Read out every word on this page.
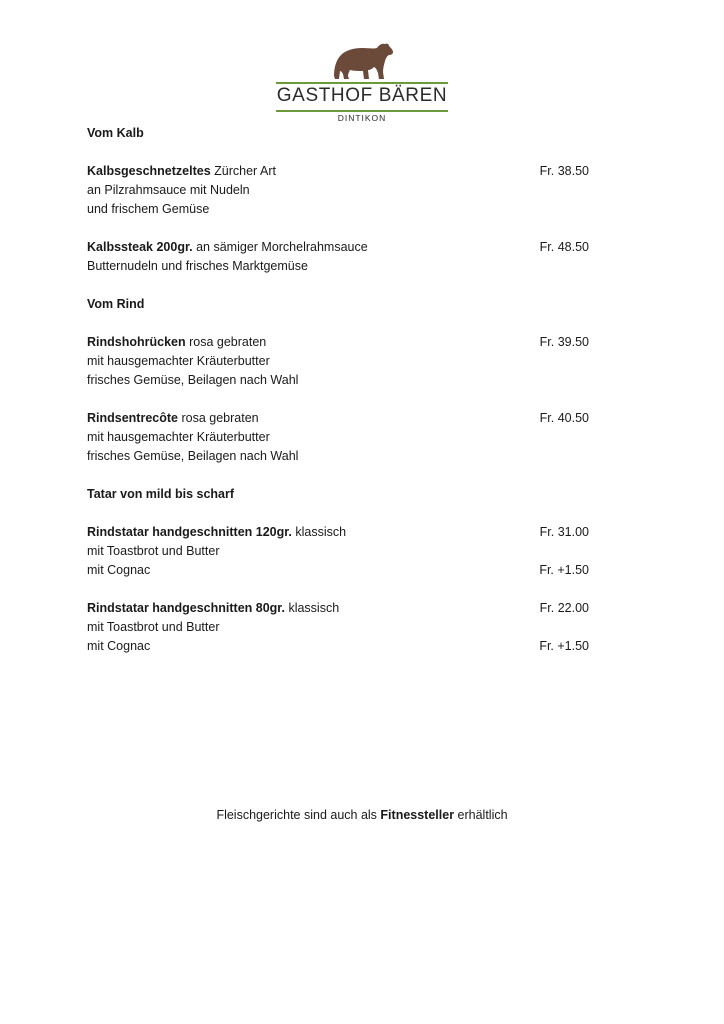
GASTHOF BÄREN
DINTIKON
Vom Kalb
Kalbsgeschnetzeltes Zürcher Art	Fr. 38.50
an Pilzrahmsauce mit Nudeln
und frischem Gemüse
Kalbssteak 200gr. an sämiger Morchelrahmsauce	Fr. 48.50
Butternudeln und frisches Marktgemüse
Vom Rind
Rindshohrücken rosa gebraten	Fr. 39.50
mit hausgemachter Kräuterbutter
frisches Gemüse, Beilagen nach Wahl
Rindsentrecôte rosa gebraten	Fr. 40.50
mit hausgemachter Kräuterbutter
frisches Gemüse, Beilagen nach Wahl
Tatar von mild bis scharf
Rindstatar handgeschnitten 120gr. klassisch	Fr. 31.00
mit Toastbrot und Butter
mit Cognac	Fr. +1.50
Rindstatar handgeschnitten 80gr. klassisch	Fr. 22.00
mit Toastbrot und Butter
mit Cognac	Fr. +1.50
Fleischgerichte sind auch als Fitnessteller erhältlich
